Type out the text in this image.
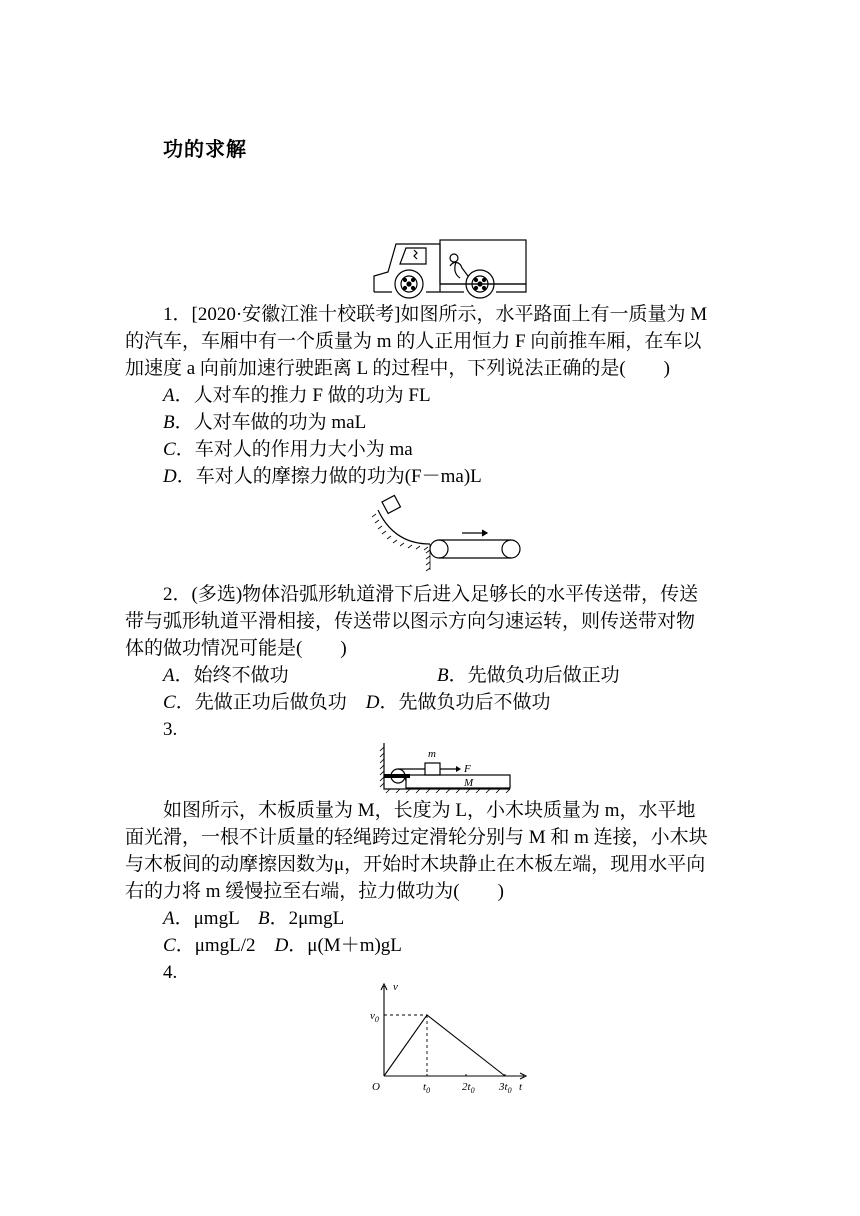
功的求解
1．[2020·安徽江淮十校联考]如图所示，水平路面上有一质量为 M
的汽车，车厢中有一个质量为 m 的人正用恒力 F 向前推车厢，在车以
加速度 a 向前加速行驶距离 L 的过程中，下列说法正确的是(　　)
A．人对车的推力 F 做的功为 FL
B．人对车做的功为 maL
C．车对人的作用力大小为 ma
D．车对人的摩擦力做的功为(F－ma)L
2．(多选)物体沿弧形轨道滑下后进入足够长的水平传送带，传送
带与弧形轨道平滑相接，传送带以图示方向匀速运转，则传送带对物
体的做功情况可能是(　　)
A．始终不做功	B．先做负功后做正功
C．先做正功后做负功　 D．先做负功后不做功
3.
m
F
M
如图所示，木板质量为 M，长度为 L，小木块质量为 m，水平地
面光滑，一根不计质量的轻绳跨过定滑轮分别与 M 和 m 连接，小木块
与木板间的动摩擦因数为μ，开始时木块静止在木板左端，现用水平向
右的力将 m 缓慢拉至右端，拉力做功为(　　)
A．μmgL　 B．2μmgL
C．μmgL/2　 D．μ(M＋m)gL
4.
v
t
O
$v_0$
$t_0$	$2t_0$ $3t_0$
